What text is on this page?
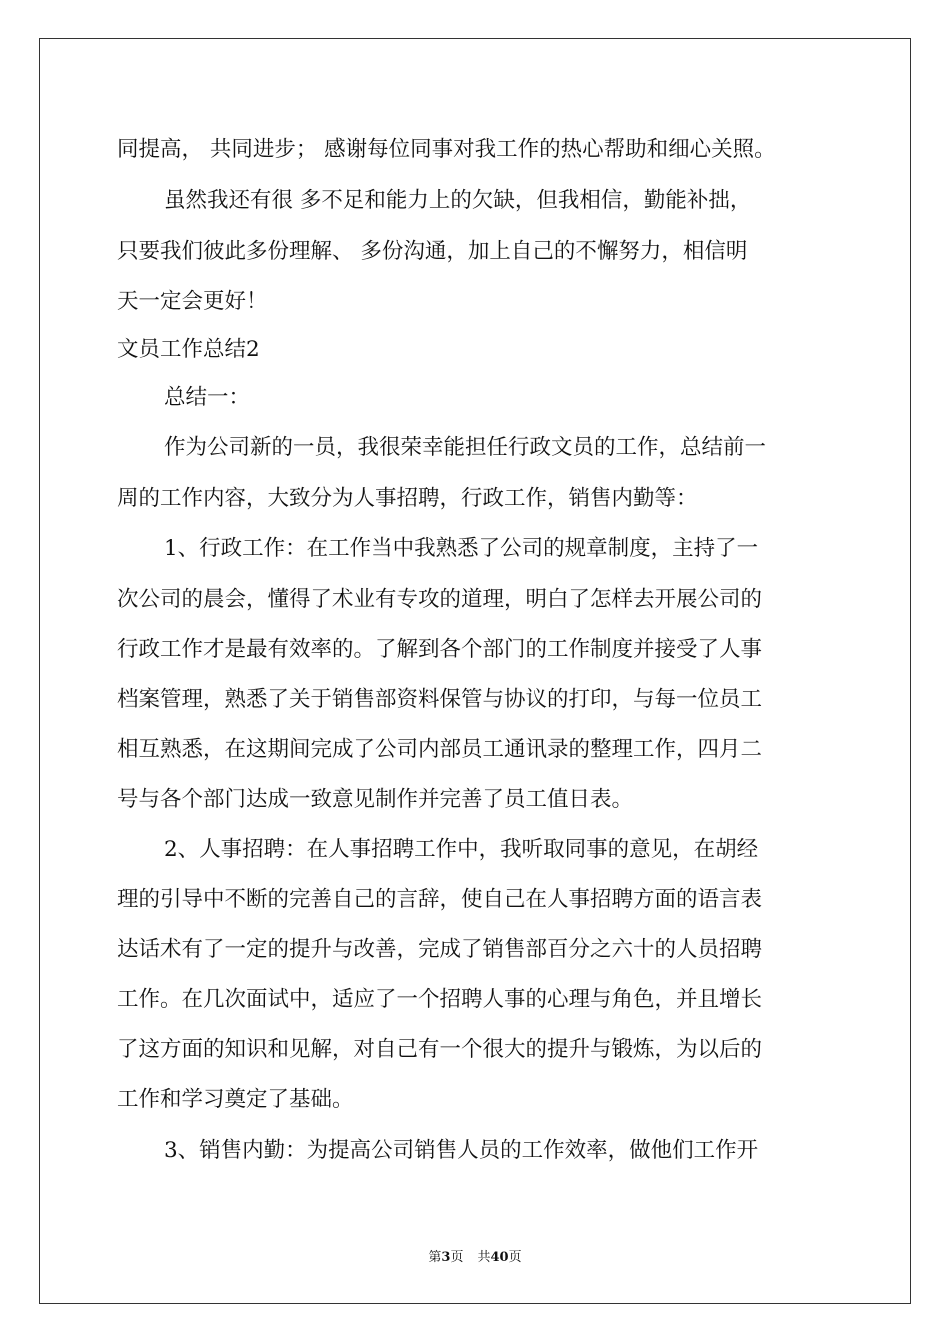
同提高， 共同进步； 感谢每位同事对我工作的热心帮助和细心关照。
虽然我还有很 多不足和能力上的欠缺，但我相信，勤能补拙，
只要我们彼此多份理解、 多份沟通，加上自己的不懈努力，相信明
天一定会更好！
文员工作总结2
总结一：
作为公司新的一员，我很荣幸能担任行政文员的工作，总结前一
周的工作内容，大致分为人事招聘，行政工作，销售内勤等：
1、行政工作：在工作当中我熟悉了公司的规章制度，主持了一
次公司的晨会，懂得了术业有专攻的道理，明白了怎样去开展公司的
行政工作才是最有效率的。了解到各个部门的工作制度并接受了人事
档案管理，熟悉了关于销售部资料保管与协议的打印，与每一位员工
相互熟悉，在这期间完成了公司内部员工通讯录的整理工作，四月二
号与各个部门达成一致意见制作并完善了员工值日表。
2、人事招聘：在人事招聘工作中，我听取同事的意见，在胡经
理的引导中不断的完善自己的言辞，使自己在人事招聘方面的语言表
达话术有了一定的提升与改善，完成了销售部百分之六十的人员招聘
工作。在几次面试中，适应了一个招聘人事的心理与角色，并且增长
了这方面的知识和见解，对自己有一个很大的提升与锻炼，为以后的
工作和学习奠定了基础。
3、销售内勤：为提高公司销售人员的工作效率，做他们工作开
第3页 共40页
